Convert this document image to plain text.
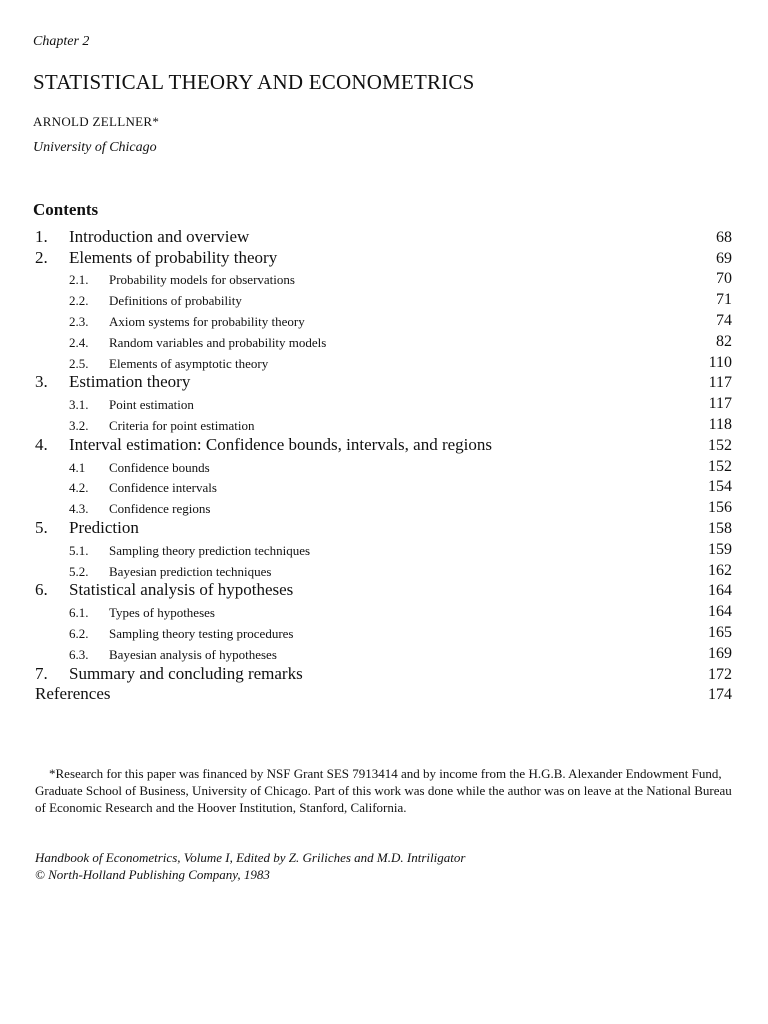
Chapter 2
STATISTICAL THEORY AND ECONOMETRICS
ARNOLD ZELLNER*
University of Chicago
Contents
1. Introduction and overview	68
2. Elements of probability theory	69
2.1. Probability models for observations	70
2.2. Definitions of probability	71
2.3. Axiom systems for probability theory	74
2.4. Random variables and probability models	82
2.5. Elements of asymptotic theory	110
3. Estimation theory	117
3.1. Point estimation	117
3.2. Criteria for point estimation	118
4. Interval estimation: Confidence bounds, intervals, and regions	152
4.1 Confidence bounds	152
4.2. Confidence intervals	154
4.3. Confidence regions	156
5. Prediction	158
5.1. Sampling theory prediction techniques	159
5.2. Bayesian prediction techniques	162
6. Statistical analysis of hypotheses	164
6.1. Types of hypotheses	164
6.2. Sampling theory testing procedures	165
6.3. Bayesian analysis of hypotheses	169
7. Summary and concluding remarks	172
References	174
*Research for this paper was financed by NSF Grant SES 7913414 and by income from the H.G.B. Alexander Endowment Fund, Graduate School of Business, University of Chicago. Part of this work was done while the author was on leave at the National Bureau of Economic Research and the Hoover Institution, Stanford, California.
Handbook of Econometrics, Volume I, Edited by Z. Griliches and M.D. Intriligator
© North-Holland Publishing Company, 1983
